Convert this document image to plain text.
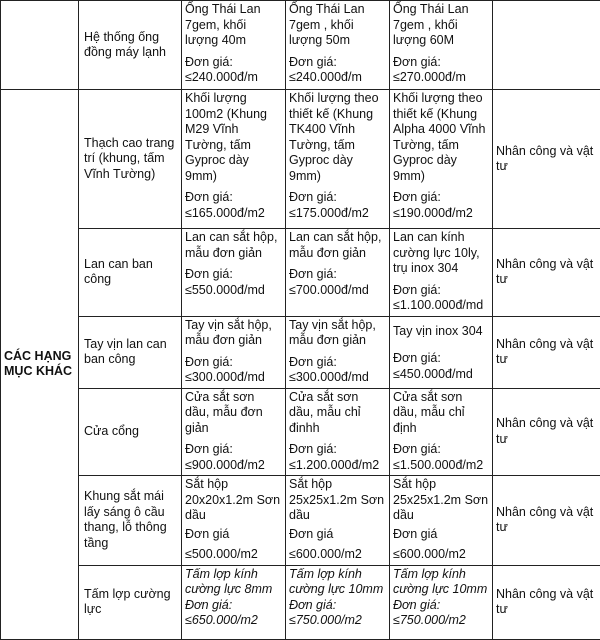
	Hệ thống ống đồng máy lạnh	Ống Thái Lan 7gem, khối lượng 40m
Đơn giá:
≤240.000đ/m	Ống Thái Lan 7gem , khối lượng 50m
Đơn giá:
≤240.000đ/m	Ống Thái Lan 7gem , khối lượng 60M
Đơn giá:
≤270.000đ/m	

CÁC HẠNG MỤC KHÁC	Thạch cao trang trí (khung, tấm Vĩnh Tường)	Khối lượng 100m2 (Khung M29 Vĩnh Tường, tấm Gyproc dày 9mm)
Đơn giá:
≤165.000đ/m2	Khối lượng theo thiết kế (Khung TK400 Vĩnh Tường, tấm Gyproc dày 9mm)
Đơn giá:
≤175.000đ/m2	Khối lượng theo thiết kế (Khung Alpha 4000 Vĩnh Tường, tấm Gyproc dày 9mm)
Đơn giá:
≤190.000đ/m2	Nhân công và vật tư
	Lan can ban công	Lan can sắt hộp, mẫu đơn giản
Đơn giá:
≤550.000đ/md	Lan can sắt hộp, mẫu đơn giản
Đơn giá:
≤700.000đ/md	Lan can kính cường lực 10ly, trụ inox 304
Đơn giá:
≤1.100.000đ/md	Nhân công và vật tư
	Tay vịn lan can ban công	Tay vịn sắt hộp, mẫu đơn giản
Đơn giá:
≤300.000đ/md	Tay vịn sắt hộp, mẫu đơn giản
Đơn giá:
≤300.000đ/md	Tay vịn inox 304
Đơn giá:
≤450.000đ/md	Nhân công và vật tư
	Cửa cổng	Cửa sắt sơn dầu, mẫu đơn giản
Đơn giá:
≤900.000đ/m2	Cửa sắt sơn dầu, mẫu chỉ đinhh
Đơn giá:
≤1.200.000đ/m2	Cửa sắt sơn dầu, mẫu chỉ định
Đơn giá:
≤1.500.000đ/m2	Nhân công và vật tư
	Khung sắt mái lấy sáng ô cầu thang, lỗ thông tầng	Sắt hộp 20x20x1.2m Sơn dầu
Đơn giá
≤500.000/m2	Sắt hộp 25x25x1.2m Sơn dầu
Đơn giá
≤600.000/m2	Sắt hộp 25x25x1.2m Sơn dầu
Đơn giá
≤600.000/m2	Nhân công và vật tư
	Tấm lợp cường lực	Tấm lợp kính cường lực 8mm
Đơn giá:
≤650.000/m2	Tấm lợp kính cường lực 10mm
Đơn giá:
≤750.000/m2	Tấm lợp kính cường lực 10mm
Đơn giá:
≤750.000/m2	Nhân công và vật tư
